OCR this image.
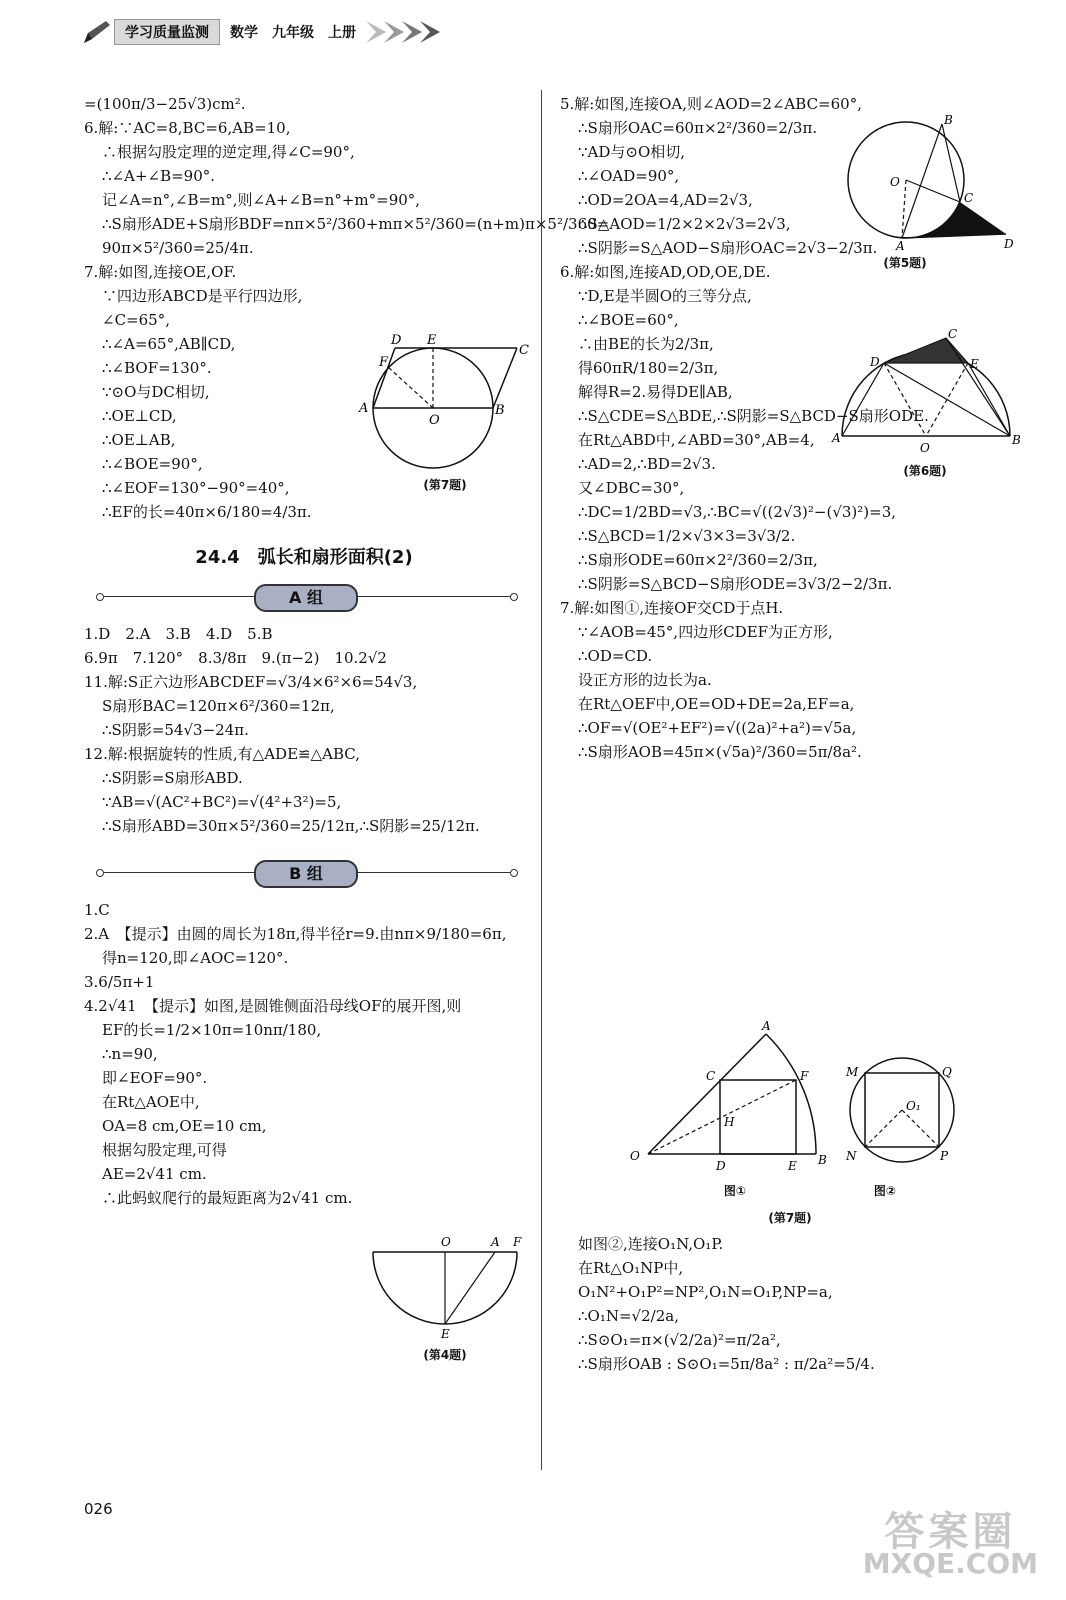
学习质量监测	数学 九年级 上册
=(100π/3−25√3)cm².
6.解:∵AC=8,BC=6,AB=10,
∴根据勾股定理的逆定理,得∠C=90°,
∴∠A+∠B=90°.
记∠A=n°,∠B=m°,则∠A+∠B=n°+m°=90°,
∴S扇形ADE+S扇形BDF=nπ×5²/360+mπ×5²/360=(n+m)π×5²/360=
90π×5²/360=25/4π.
7.解:如图,连接OE,OF.
∵四边形ABCD是平行四边形,
∠C=65°,
∴∠A=65°,AB∥CD,
∴∠BOF=130°.
∵⊙O与DC相切,
∴OE⊥CD,
∴OE⊥AB,
∴∠BOE=90°,
∴∠EOF=130°−90°=40°,
∴EF的长=40π×6/180=4/3π.
24.4　弧长和扇形面积(2)
A 组
1.D　2.A　3.B　4.D　5.B
6.9π　7.120°　8.3/8π　9.(π−2)　10.2√2
11.解:S正六边形ABCDEF=√3/4×6²×6=54√3,
S扇形BAC=120π×6²/360=12π,
∴S阴影=54√3−24π.
12.解:根据旋转的性质,有△ADE≌△ABC,
∴S阴影=S扇形ABD.
∵AB=√(AC²+BC²)=√(4²+3²)=5,
∴S扇形ABD=30π×5²/360=25/12π,∴S阴影=25/12π.
B 组
1.C
2.A　【提示】由圆的周长为18π,得半径r=9.由nπ×9/180=6π,
得n=120,即∠AOC=120°.
3.6/5π+1
4.2√41　【提示】如图,是圆锥侧面沿母线OF的展开图,则
EF的长=1/2×10π=10nπ/180,
∴n=90,
即∠EOF=90°.
在Rt△AOE中,
OA=8 cm,OE=10 cm,
根据勾股定理,可得
AE=2√41 cm.
∴此蚂蚁爬行的最短距离为2√41 cm.
D E
C
F
A	B
O
(第7题)
O	A F
E
(第4题)
5.解:如图,连接OA,则∠AOD=2∠ABC=60°,
∴S扇形OAC=60π×2²/360=2/3π.
∵AD与⊙O相切,
∴∠OAD=90°,
∴OD=2OA=4,AD=2√3,
∴S△AOD=1/2×2×2√3=2√3,
∴S阴影=S△AOD−S扇形OAC=2√3−2/3π.
6.解:如图,连接AD,OD,OE,DE.
∵D,E是半圆O的三等分点,
∴∠BOE=60°,
∴由BE的长为2/3π,
得60πR/180=2/3π,
解得R=2.易得DE∥AB,
∴S△CDE=S△BDE,∴S阴影=S△BCD−S扇形ODE.
在Rt△ABD中,∠ABD=30°,AB=4,
∴AD=2,∴BD=2√3.
又∠DBC=30°,
∴DC=1/2BD=√3,∴BC=√((2√3)²−(√3)²)=3,
∴S△BCD=1/2×√3×3=3√3/2.
∴S扇形ODE=60π×2²/360=2/3π,
∴S阴影=S△BCD−S扇形ODE=3√3/2−2/3π.
7.解:如图①,连接OF交CD于点H.
∵∠AOB=45°,四边形CDEF为正方形,
∴OD=CD.
设正方形的边长为a.
在Rt△OEF中,OE=OD+DE=2a,EF=a,
∴OF=√(OE²+EF²)=√((2a)²+a²)=√5a,
∴S扇形AOB=45π×(√5a)²/360=5π/8a².
如图②,连接O₁N,O₁P.
在Rt△O₁NP中,
O₁N²+O₁P²=NP²,O₁N=O₁P,NP=a,
∴O₁N=√2/2a,
∴S⊙O₁=π×(√2/2a)²=π/2a²,
∴S扇形OAB : S⊙O₁=5π/8a² : π/2a²=5/4.
B
O
C
A	D
(第5题)
C
D	E
A	B
O
(第6题)
A
C	F
H
O
D	E B
M	Q
O₁
N	P
图①	图②
(第7题)
026	答案圈
MXQE.COM
